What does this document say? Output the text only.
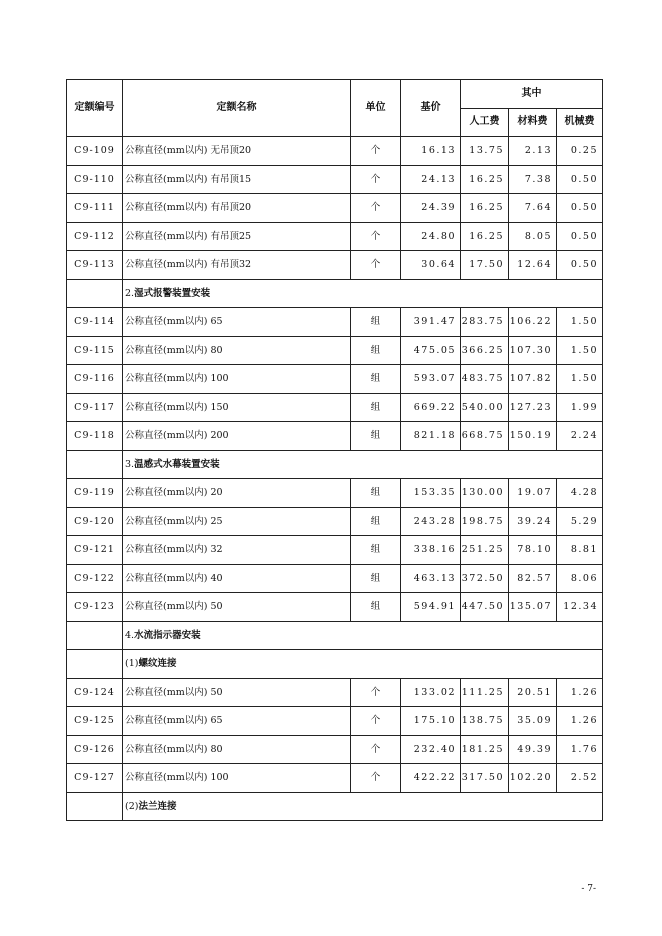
定额编号	定额名称	单位	基价	其中		
				人工费	材料费	机械费
C9-109	公称直径(mm以内) 无吊顶20	个	16.13	13.75	2.13	0.25
C9-110	公称直径(mm以内) 有吊顶15	个	24.13	16.25	7.38	0.50
C9-111	公称直径(mm以内) 有吊顶20	个	24.39	16.25	7.64	0.50
C9-112	公称直径(mm以内) 有吊顶25	个	24.80	16.25	8.05	0.50
C9-113	公称直径(mm以内) 有吊顶32	个	30.64	17.50	12.64	0.50
	2.湿式报警装置安装					
C9-114	公称直径(mm以内) 65	组	391.47	283.75	106.22	1.50
C9-115	公称直径(mm以内) 80	组	475.05	366.25	107.30	1.50
C9-116	公称直径(mm以内) 100	组	593.07	483.75	107.82	1.50
C9-117	公称直径(mm以内) 150	组	669.22	540.00	127.23	1.99
C9-118	公称直径(mm以内) 200	组	821.18	668.75	150.19	2.24
	3.温感式水幕装置安装					
C9-119	公称直径(mm以内) 20	组	153.35	130.00	19.07	4.28
C9-120	公称直径(mm以内) 25	组	243.28	198.75	39.24	5.29
C9-121	公称直径(mm以内) 32	组	338.16	251.25	78.10	8.81
C9-122	公称直径(mm以内) 40	组	463.13	372.50	82.57	8.06
C9-123	公称直径(mm以内) 50	组	594.91	447.50	135.07	12.34
	4.水流指示器安装					
	(1)螺纹连接					
C9-124	公称直径(mm以内) 50	个	133.02	111.25	20.51	1.26
C9-125	公称直径(mm以内) 65	个	175.10	138.75	35.09	1.26
C9-126	公称直径(mm以内) 80	个	232.40	181.25	49.39	1.76
C9-127	公称直径(mm以内) 100	个	422.22	317.50	102.20	2.52
	(2)法兰连接					
- 7-
